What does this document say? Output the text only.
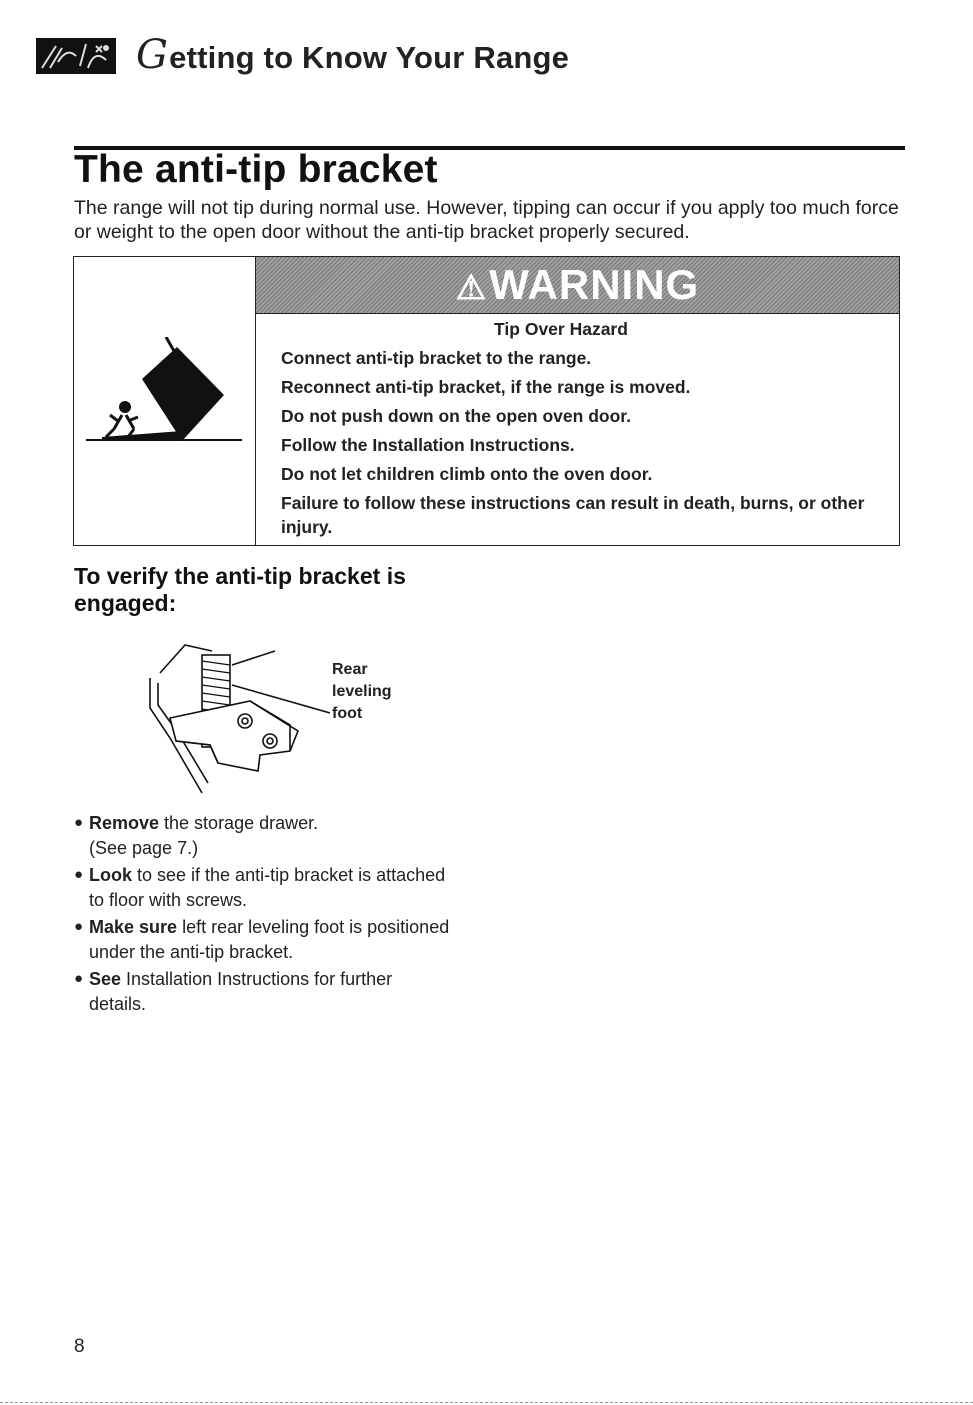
Getting to Know Your Range
The anti-tip bracket
The range will not tip during normal use. However, tipping can occur if you apply too much force or weight to the open door without the anti-tip bracket properly secured.
⚠WARNING
Tip Over Hazard
Connect anti-tip bracket to the range.
Reconnect anti-tip bracket, if the range is moved.
Do not push down on the open oven door.
Follow the Installation Instructions.
Do not let children climb onto the oven door.
Failure to follow these instructions can result in death, burns, or other injury.
To verify the anti-tip bracket is engaged:
Rear
leveling
foot
● Remove the storage drawer.
(See page 7.)
● Look to see if the anti-tip bracket is attached to floor with screws.
● Make sure left rear leveling foot is positioned under the anti-tip bracket.
● See Installation Instructions for further details.
8
